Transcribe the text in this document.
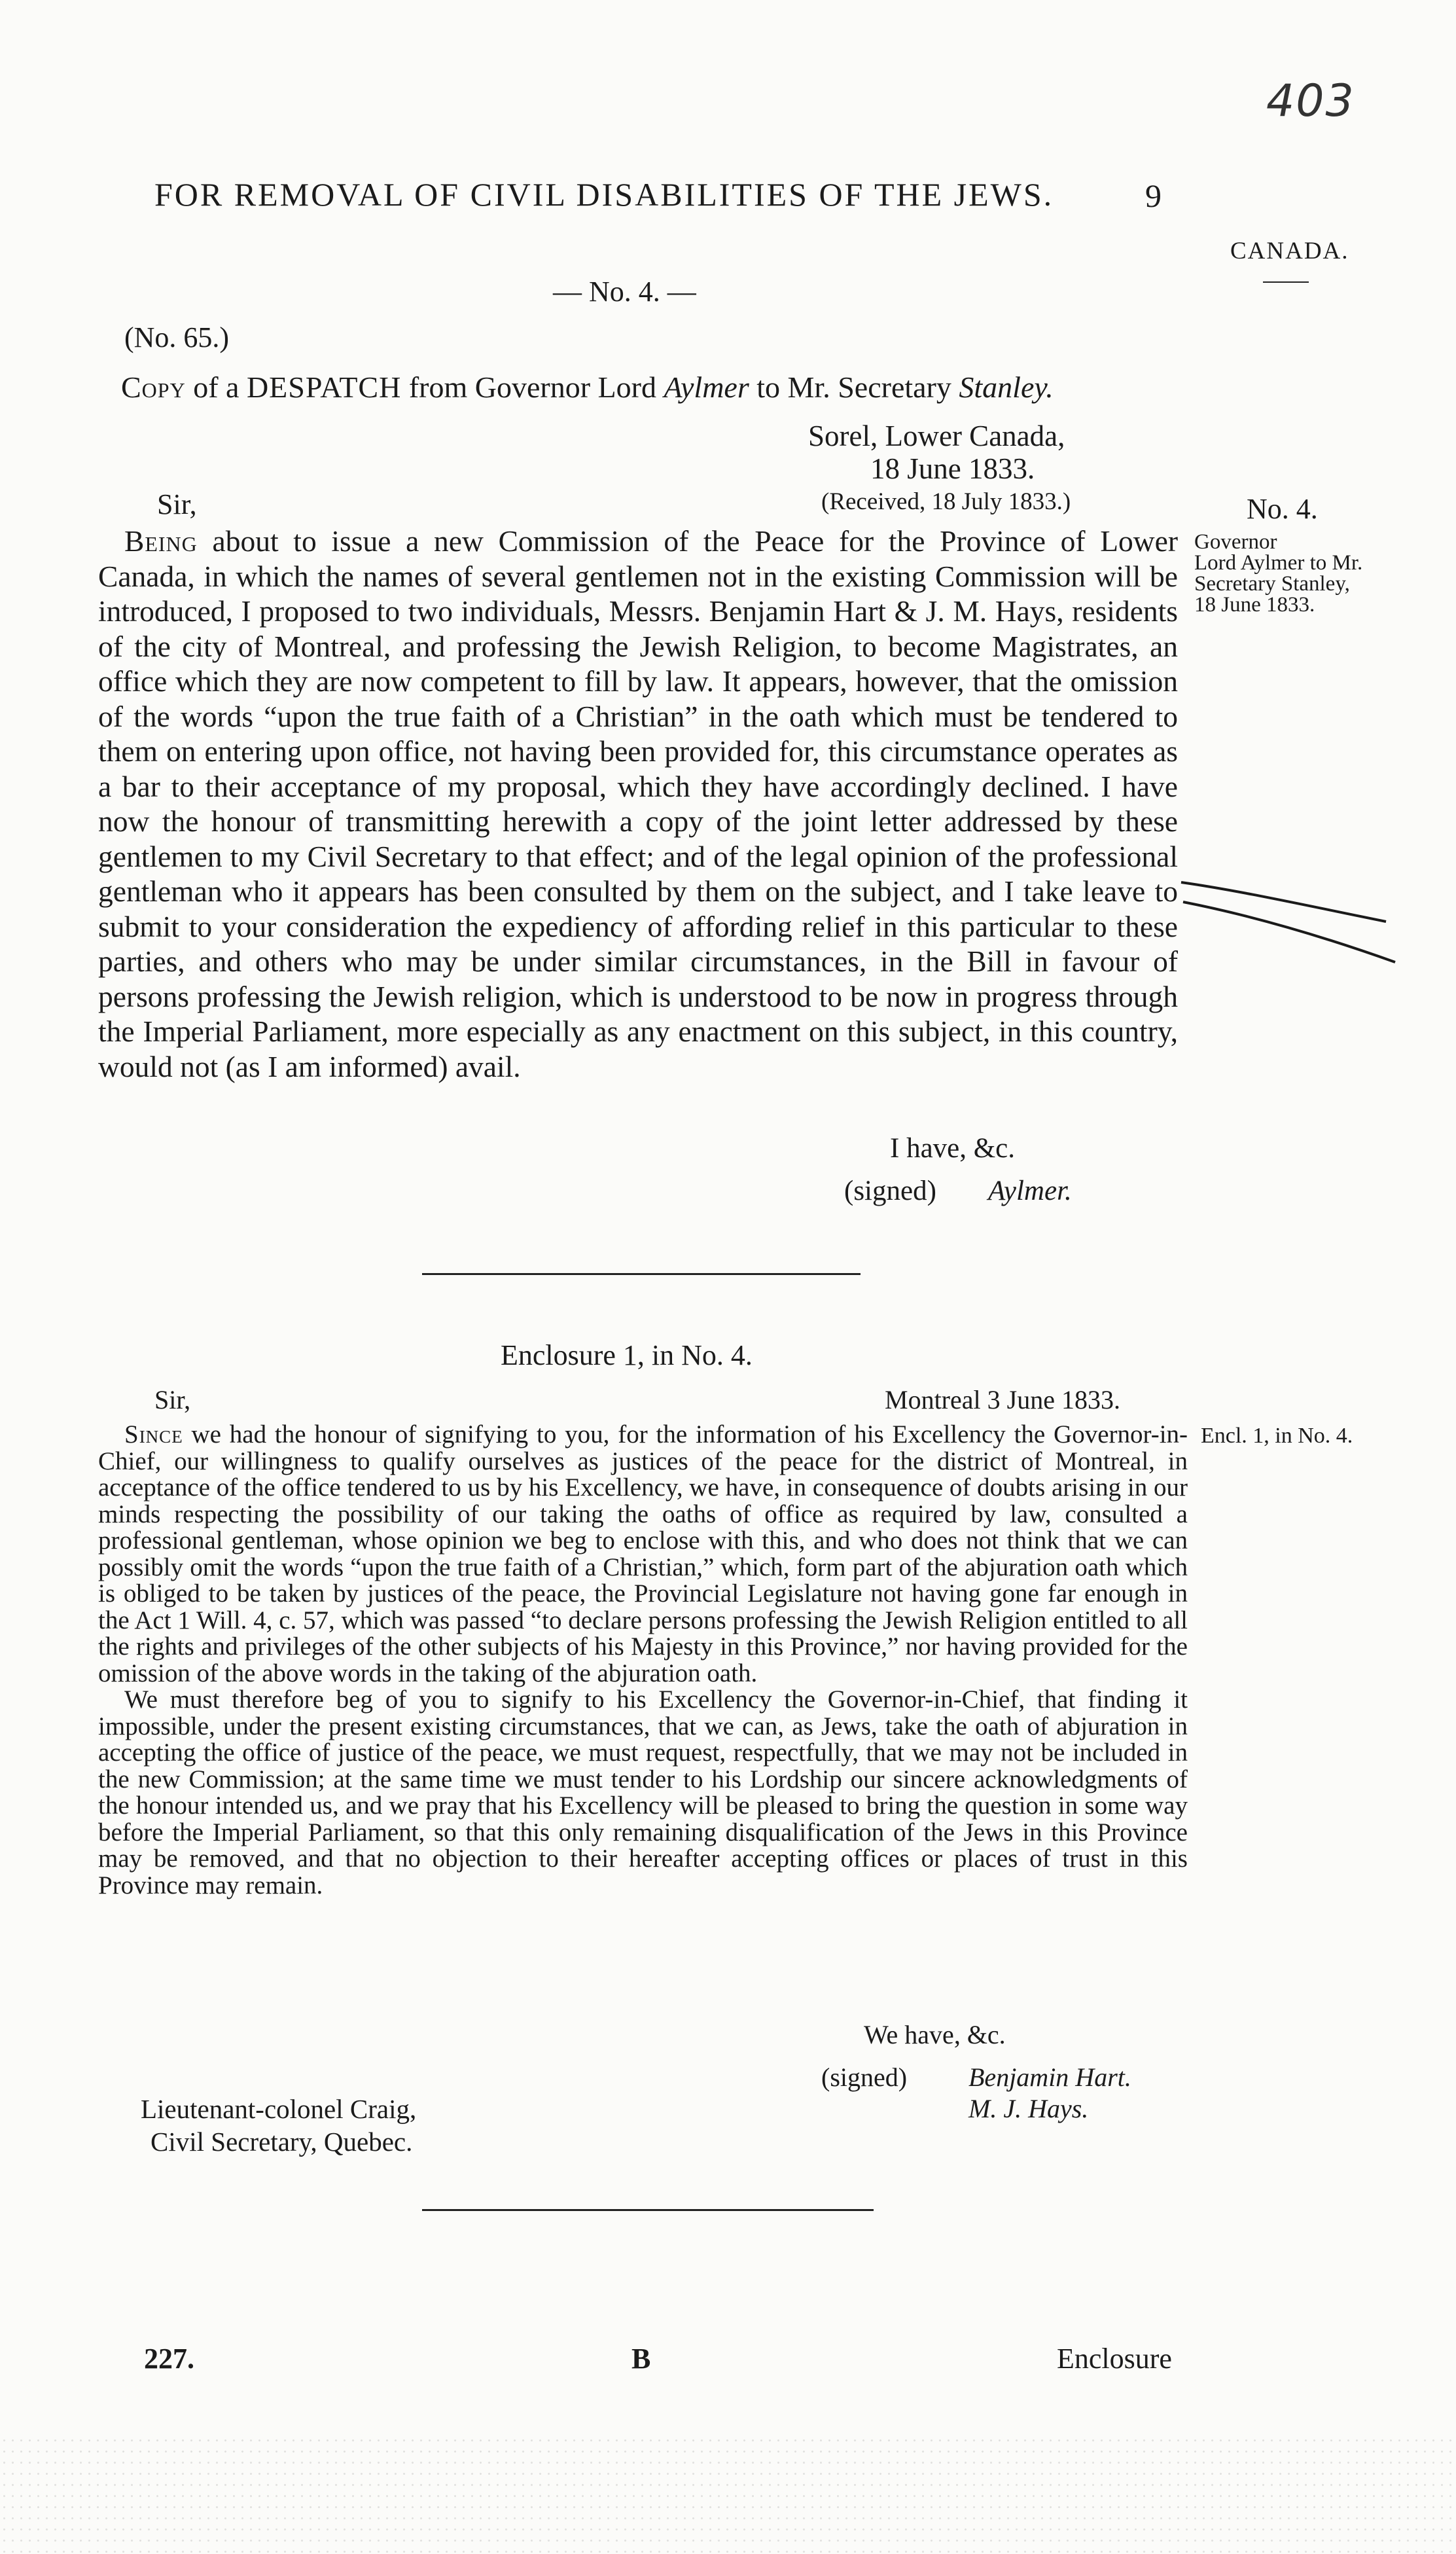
403
FOR REMOVAL OF CIVIL DISABILITIES OF THE JEWS.	9
CANADA.
— No. 4. —
(No. 65.)
Copy of a DESPATCH from Governor Lord Aylmer to Mr. Secretary Stanley.
Sorel, Lower Canada,
18 June 1833.
(Received, 18 July 1833.)
Sir,	No. 4.
Governor
Lord Aylmer to Mr.
Secretary Stanley,
18 June 1833.

Being about to issue a new Commission of the Peace for the Province of Lower Canada, in which the names of several gentlemen not in the existing Commission will be introduced, I proposed to two individuals, Messrs. Benjamin Hart & J. M. Hays, residents of the city of Montreal, and professing the Jewish Religion, to become Magistrates, an office which they are now competent to fill by law. It appears, however, that the omission of the words “upon the true faith of a Christian” in the oath which must be tendered to them on entering upon office, not having been provided for, this circumstance operates as a bar to their acceptance of my proposal, which they have accordingly declined. I have now the honour of transmitting herewith a copy of the joint letter addressed by these gentlemen to my Civil Secretary to that effect; and of the legal opinion of the professional gentleman who it appears has been consulted by them on the subject, and I take leave to submit to your consideration the expediency of affording relief in this particular to these parties, and others who may be under similar circumstances, in the Bill in favour of persons professing the Jewish religion, which is understood to be now in progress through the Imperial Parliament, more especially as any enactment on this subject, in this country, would not (as I am informed) avail.

I have, &c.
(signed) Aylmer.
Enclosure 1, in No. 4.
Sir,	Montreal 3 June 1833.
Encl. 1, in No. 4.

Since we had the honour of signifying to you, for the information of his Excellency the Governor-in-Chief, our willingness to qualify ourselves as justices of the peace for the district of Montreal, in acceptance of the office tendered to us by his Excellency, we have, in consequence of doubts arising in our minds respecting the possibility of our taking the oaths of office as required by law, consulted a professional gentleman, whose opinion we beg to enclose with this, and who does not think that we can possibly omit the words “upon the true faith of a Christian,” which, form part of the abjuration oath which is obliged to be taken by justices of the peace, the Provincial Legislature not having gone far enough in the Act 1 Will. 4, c. 57, which was passed “to declare persons professing the Jewish Religion entitled to all the rights and privileges of the other subjects of his Majesty in this Province,” nor having provided for the omission of the above words in the taking of the abjuration oath.

We must therefore beg of you to signify to his Excellency the Governor-in-Chief, that finding it impossible, under the present existing circumstances, that we can, as Jews, take the oath of abjuration in accepting the office of justice of the peace, we must request, respectfully, that we may not be included in the new Commission; at the same time we must tender to his Lordship our sincere acknowledgments of the honour intended us, and we pray that his Excellency will be pleased to bring the question in some way before the Imperial Parliament, so that this only remaining disqualification of the Jews in this Province may be removed, and that no objection to their hereafter accepting offices or places of trust in this Province may remain.

We have, &c.
(signed) Benjamin Hart.
M. J. Hays.
Lieutenant-colonel Craig,
Civil Secretary, Quebec.
227.	B	Enclosure
